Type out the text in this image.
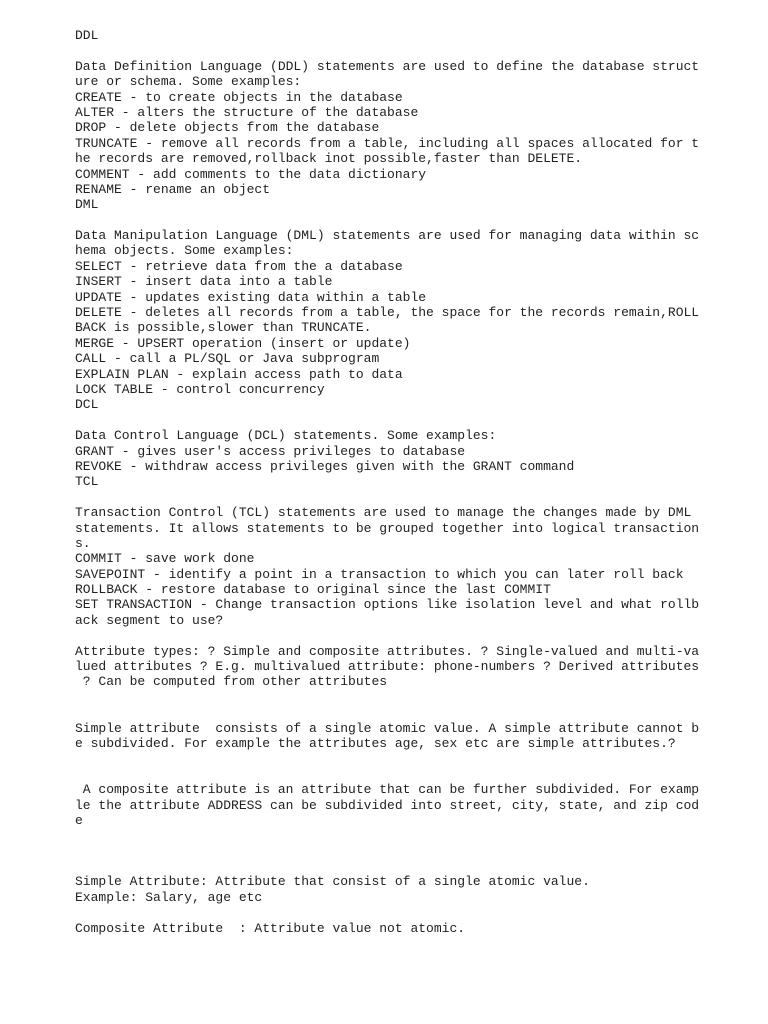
DDL
Data Definition Language (DDL) statements are used to define the database struct
ure or schema. Some examples:
CREATE - to create objects in the database
ALTER - alters the structure of the database
DROP - delete objects from the database
TRUNCATE - remove all records from a table, including all spaces allocated for t
he records are removed,rollback inot possible,faster than DELETE.
COMMENT - add comments to the data dictionary
RENAME - rename an object
DML
Data Manipulation Language (DML) statements are used for managing data within sc
hema objects. Some examples:
SELECT - retrieve data from the a database
INSERT - insert data into a table
UPDATE - updates existing data within a table
DELETE - deletes all records from a table, the space for the records remain,ROLL
BACK is possible,slower than TRUNCATE.
MERGE - UPSERT operation (insert or update)
CALL - call a PL/SQL or Java subprogram
EXPLAIN PLAN - explain access path to data
LOCK TABLE - control concurrency
DCL
Data Control Language (DCL) statements. Some examples:
GRANT - gives user's access privileges to database
REVOKE - withdraw access privileges given with the GRANT command
TCL
Transaction Control (TCL) statements are used to manage the changes made by DML
statements. It allows statements to be grouped together into logical transaction
s.
COMMIT - save work done
SAVEPOINT - identify a point in a transaction to which you can later roll back
ROLLBACK - restore database to original since the last COMMIT
SET TRANSACTION - Change transaction options like isolation level and what rollb
ack segment to use?
Attribute types: ? Simple and composite attributes. ? Single-valued and multi-va
lued attributes ? E.g. multivalued attribute: phone-numbers ? Derived attributes
? Can be computed from other attributes
Simple attribute  consists of a single atomic value. A simple attribute cannot b
e subdivided. For example the attributes age, sex etc are simple attributes.?
A composite attribute is an attribute that can be further subdivided. For examp
le the attribute ADDRESS can be subdivided into street, city, state, and zip cod
e
Simple Attribute: Attribute that consist of a single atomic value.
Example: Salary, age etc
Composite Attribute  : Attribute value not atomic.
